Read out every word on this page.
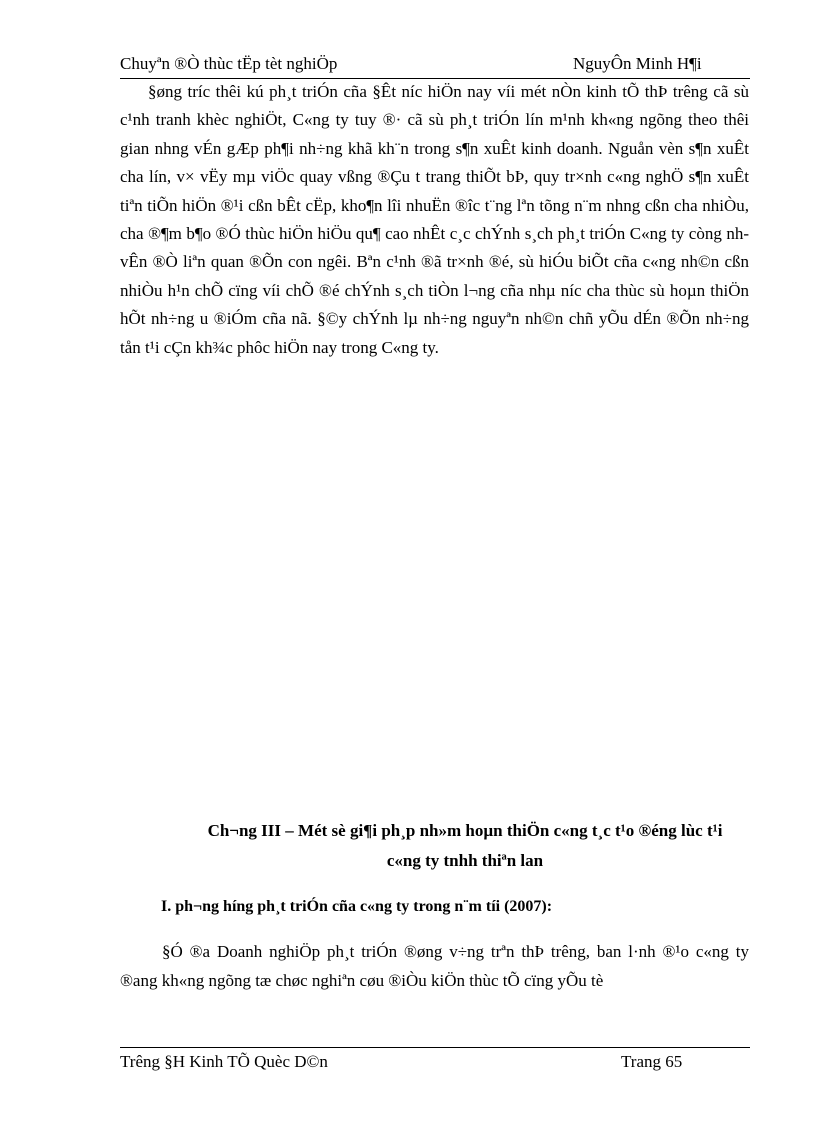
Chuyªn ®Ò thùc tËp tèt nghiÖp	NguyÔn Minh H¶i

§øng tríc thêi kú ph¸t triÓn cña §Êt níc hiÖn nay víi mét nÒn kinh tÕ thÞ trêng cã sù c¹nh tranh khèc nghiÖt, C«ng ty tuy ®· cã sù ph¸t triÓn lín m¹nh kh«ng ngõng theo thêi gian nhng vÉn gÆp ph¶i nh÷ng khã kh¨n trong s¶n xuÊt kinh doanh. Nguån vèn s¶n xuÊt cha lín, v× vËy mµ viÖc quay vßng ®Çu t trang thiÕt bÞ, quy tr×nh c«ng nghÖ s¶n xuÊt tiªn tiÕn hiÖn ®¹i cßn bÊt cËp, kho¶n lîi nhuËn ®îc t¨ng lªn tõng n¨m nhng cßn cha nhiÒu, cha ®¶m b¶o ®Ó thùc hiÖn hiÖu qu¶ cao nhÊt c¸c chÝnh s¸ch ph¸t triÓn C«ng ty còng nh vÊn ®Ò liªn quan ®Õn con ngêi. Bªn c¹nh ®ã tr×nh ®é, sù hiÓu biÕt cña c«ng nh©n cßn nhiÒu h¹n chÕ cïng víi chÕ ®é chÝnh s¸ch tiÒn l¬ng cña nhµ níc cha thùc sù hoµn thiÖn hÕt nh÷ng u ®iÓm cña nã. §©y chÝnh lµ nh÷ng nguyªn nh©n chñ yÕu dÉn ®Õn nh÷ng tån t¹i cÇn kh¾c phôc hiÖn nay trong C«ng ty.

Ch¬ng III – Mét sè gi¶i ph¸p nh»m hoµn thiÖn c«ng t¸c t¹o ®éng lùc t¹i
c«ng ty tnhh thiªn lan
I. ph¬ng híng ph¸t triÓn cña c«ng ty trong n¨m tíi (2007):

§Ó ®a Doanh nghiÖp ph¸t triÓn ®øng v÷ng trªn thÞ trêng, ban l·nh ®¹o c«ng ty ®ang kh«ng ngõng tæ chøc nghiªn cøu ®iÒu kiÖn thùc tÕ cïng yÕu tè

Trêng §H Kinh TÕ Quèc D©n	Trang 65
